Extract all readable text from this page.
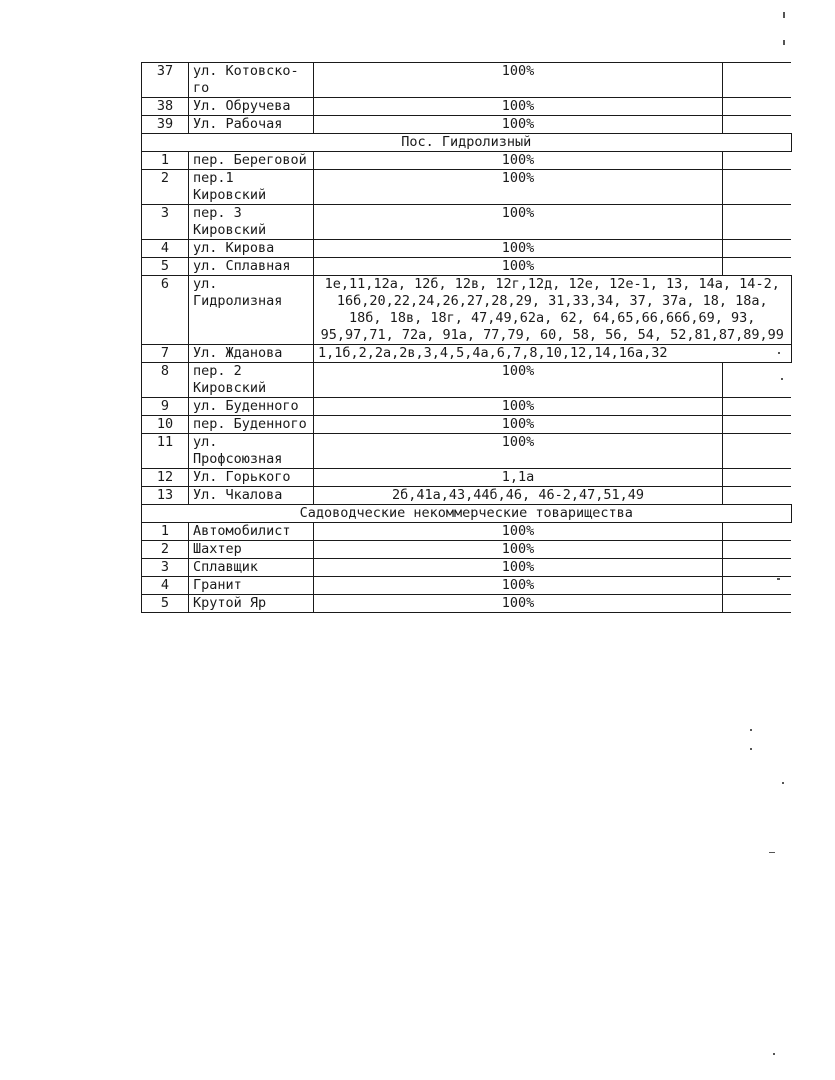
37	ул. Котовско-го	100%	
38	Ул. Обручева	100%	
39	Ул. Рабочая	100%	
Пос. Гидролизный			
1	пер. Береговой	100%	
2	пер.1 Кировский	100%	
3	пер. 3 Кировский	100%	
4	ул. Кирова	100%	
5	ул. Сплавная	100%	
6	ул. Гидролизная	1е,11,12а, 12б, 12в, 12г,12д, 12е, 12е-1, 13, 14а, 14-2, 16б,20,22,24,26,27,28,29, 31,33,34, 37, 37а, 18, 18а, 18б, 18в, 18г, 47,49,62а, 62, 64,65,66,66б,69, 93, 95,97,71, 72а, 91а, 77,79, 60, 58, 56, 54, 52,81,87,89,99	
7	Ул. Жданова	1,1б,2,2а,2в,3,4,5,4а,6,7,8,10,12,14,16а,32	
8	пер. 2 Кировский	100%	
9	ул. Буденного	100%	
10	пер. Буденного	100%	
11	ул. Профсоюзная	100%	
12	Ул. Горького	1,1а	
13	Ул. Чкалова	2б,41а,43,44б,46, 46-2,47,51,49	
Садоводческие некоммерческие товарищества			
1	Автомобилист	100%	
2	Шахтер	100%	
3	Сплавщик	100%	
4	Гранит	100%	
5	Крутой Яр	100%	
